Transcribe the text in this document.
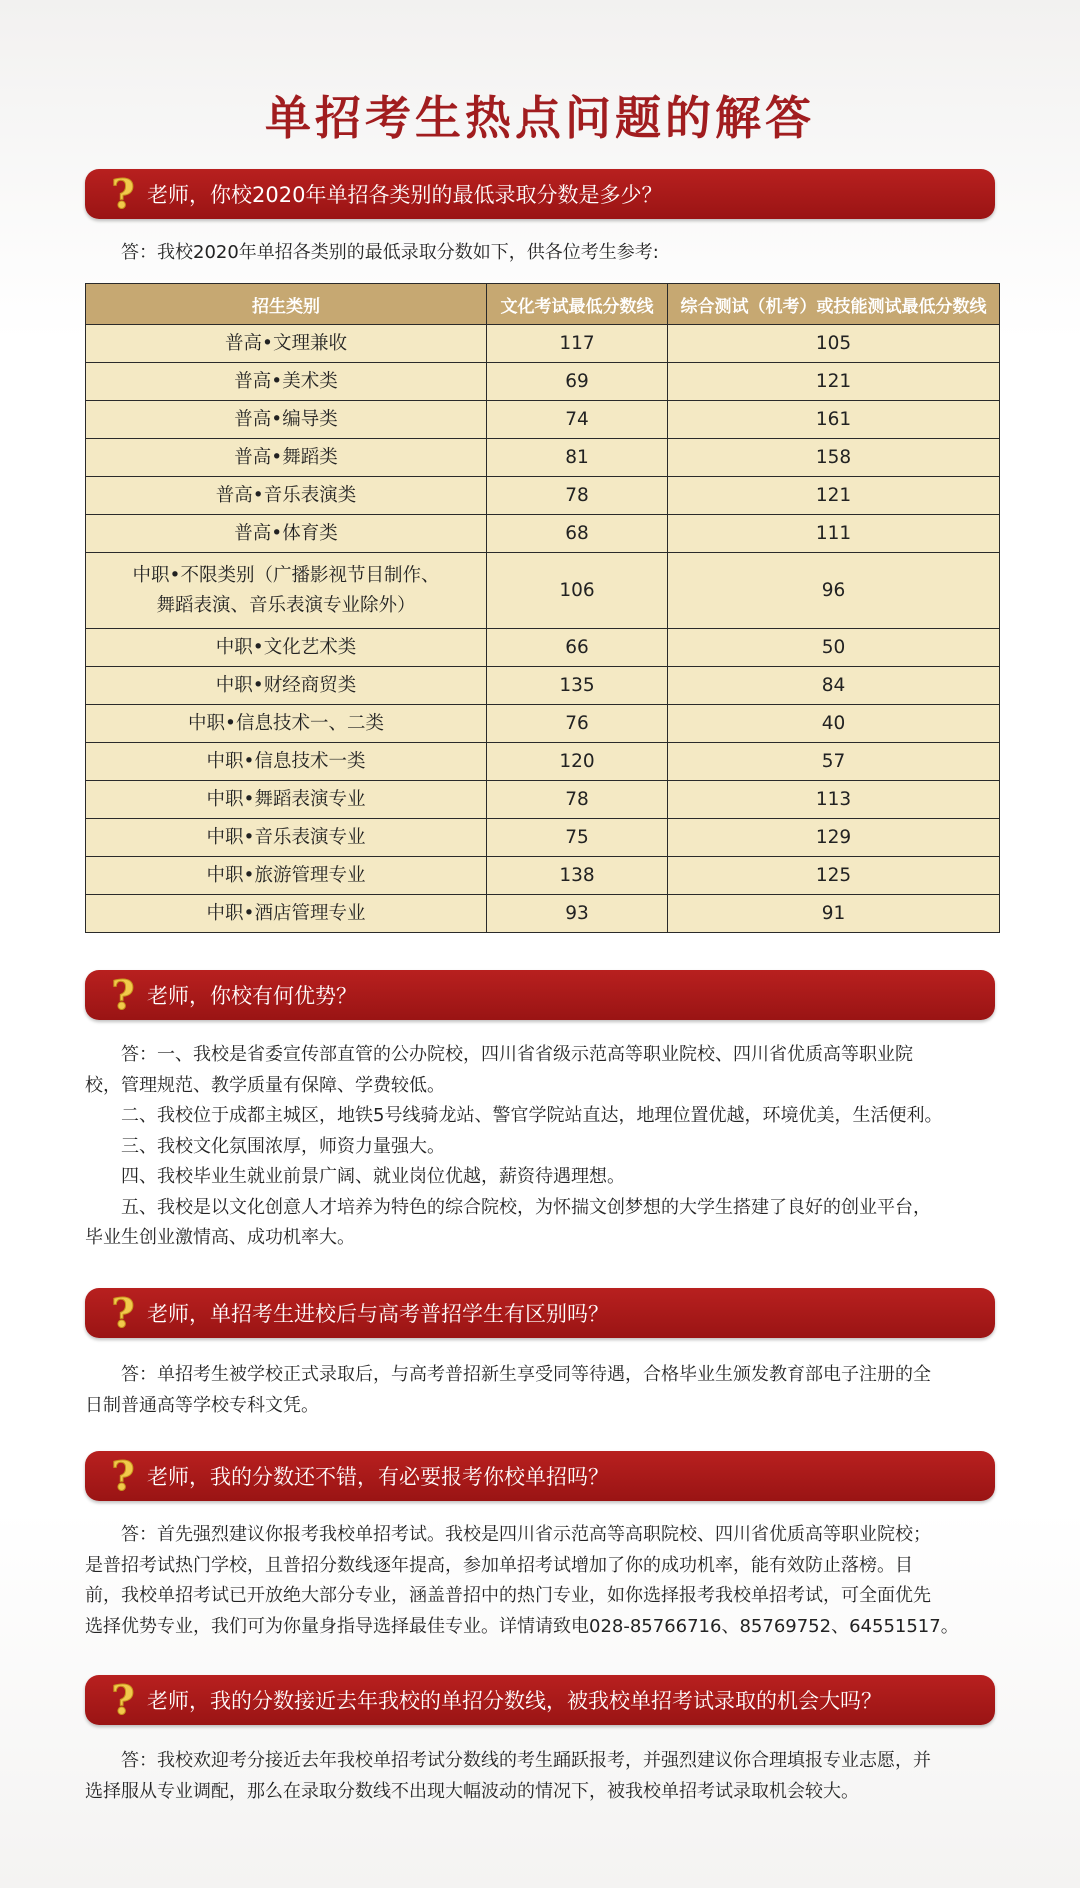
单招考生热点问题的解答
? 老师，你校2020年单招各类别的最低录取分数是多少？
答：我校2020年单招各类别的最低录取分数如下，供各位考生参考:
招生类别	文化考试最低分数线	综合测试（机考）或技能测试最低分数线
普高•文理兼收	117	105
普高•美术类	69	121
普高•编导类	74	161
普高•舞蹈类	81	158
普高•音乐表演类	78	121
普高•体育类	68	111

中职•不限类别（广播影视节目制作、
舞蹈表演、音乐表演专业除外）	106	96
中职•文化艺术类	66	50
中职•财经商贸类	135	84
中职•信息技术一、二类	76	40
中职•信息技术一类	120	57
中职•舞蹈表演专业	78	113
中职•音乐表演专业	75	129
中职•旅游管理专业	138	125
中职•酒店管理专业	93	91
? 老师，你校有何优势？
答：一、我校是省委宣传部直管的公办院校，四川省省级示范高等职业院校、四川省优质高等职业院
校，管理规范、教学质量有保障、学费较低。
二、我校位于成都主城区，地铁5号线骑龙站、警官学院站直达，地理位置优越，环境优美，生活便利。
三、我校文化氛围浓厚，师资力量强大。
四、我校毕业生就业前景广阔、就业岗位优越，薪资待遇理想。
五、我校是以文化创意人才培养为特色的综合院校，为怀揣文创梦想的大学生搭建了良好的创业平台，
毕业生创业激情高、成功机率大。
? 老师，单招考生进校后与高考普招学生有区别吗？
答：单招考生被学校正式录取后，与高考普招新生享受同等待遇，合格毕业生颁发教育部电子注册的全
日制普通高等学校专科文凭。
? 老师，我的分数还不错，有必要报考你校单招吗？
答：首先强烈建议你报考我校单招考试。我校是四川省示范高等高职院校、四川省优质高等职业院校；
是普招考试热门学校，且普招分数线逐年提高，参加单招考试增加了你的成功机率，能有效防止落榜。目
前，我校单招考试已开放绝大部分专业，涵盖普招中的热门专业，如你选择报考我校单招考试，可全面优先
选择优势专业，我们可为你量身指导选择最佳专业。详情请致电028-85766716、85769752、64551517。
? 老师，我的分数接近去年我校的单招分数线，被我校单招考试录取的机会大吗？
答：我校欢迎考分接近去年我校单招考试分数线的考生踊跃报考，并强烈建议你合理填报专业志愿，并
选择服从专业调配，那么在录取分数线不出现大幅波动的情况下，被我校单招考试录取机会较大。
